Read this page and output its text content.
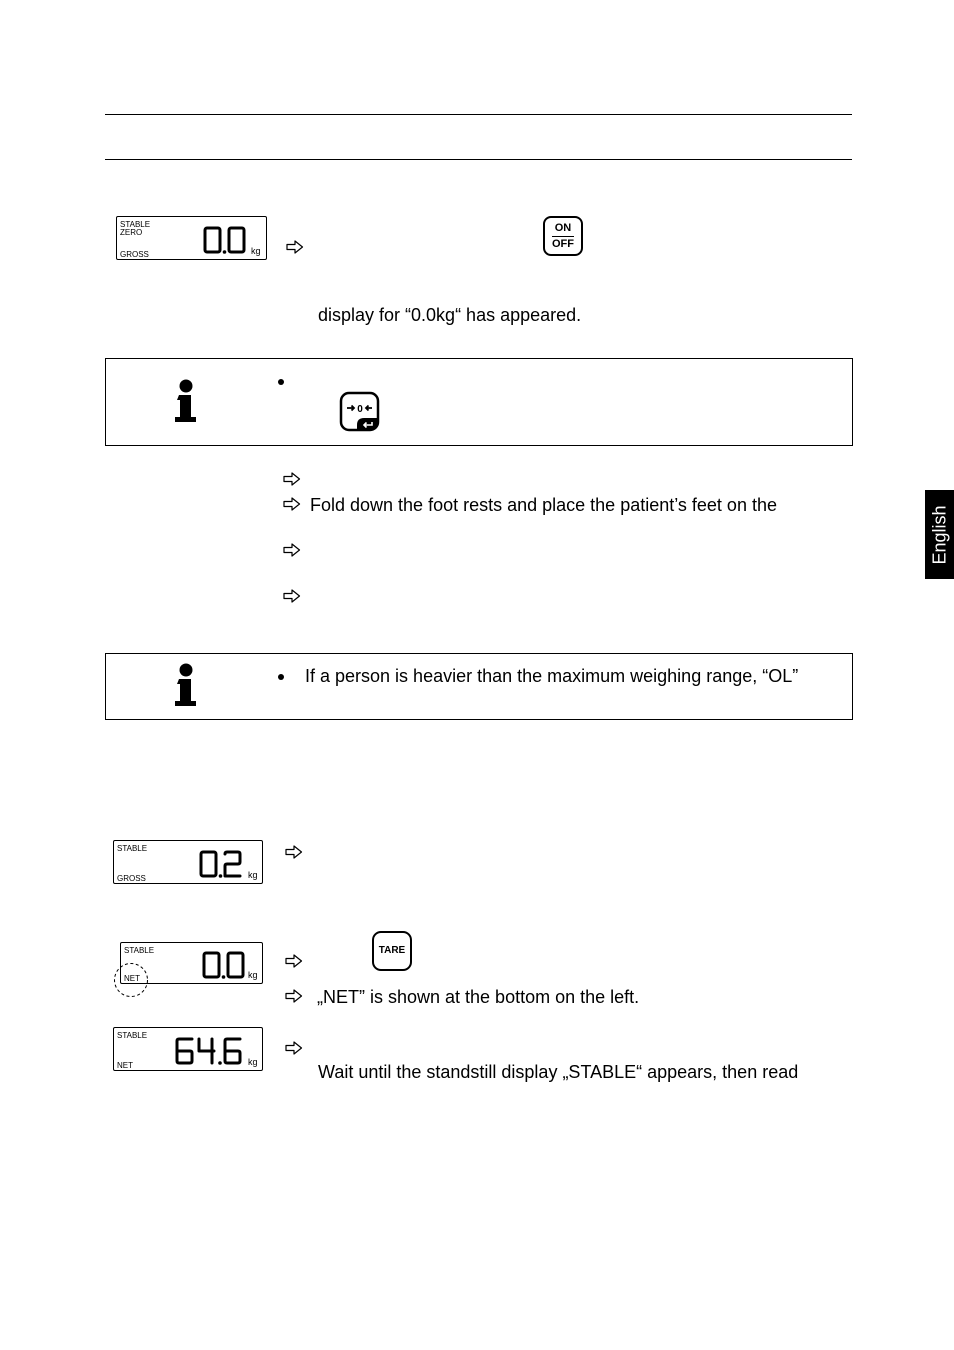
English
STABLE
ZERO
GROSS	kg
ON
OFF
display for “0.0kg“ has appeared.
0
Fold down the foot rests and place the patient’s feet on the
If a person is heavier than the maximum weighing range, “OL”
STABLE
GROSS	kg
STABLE
NET	kg
TARE
„NET” is shown at the bottom on the left.
STABLE
NET	kg	Wait until the standstill display „STABLE“ appears, then read
